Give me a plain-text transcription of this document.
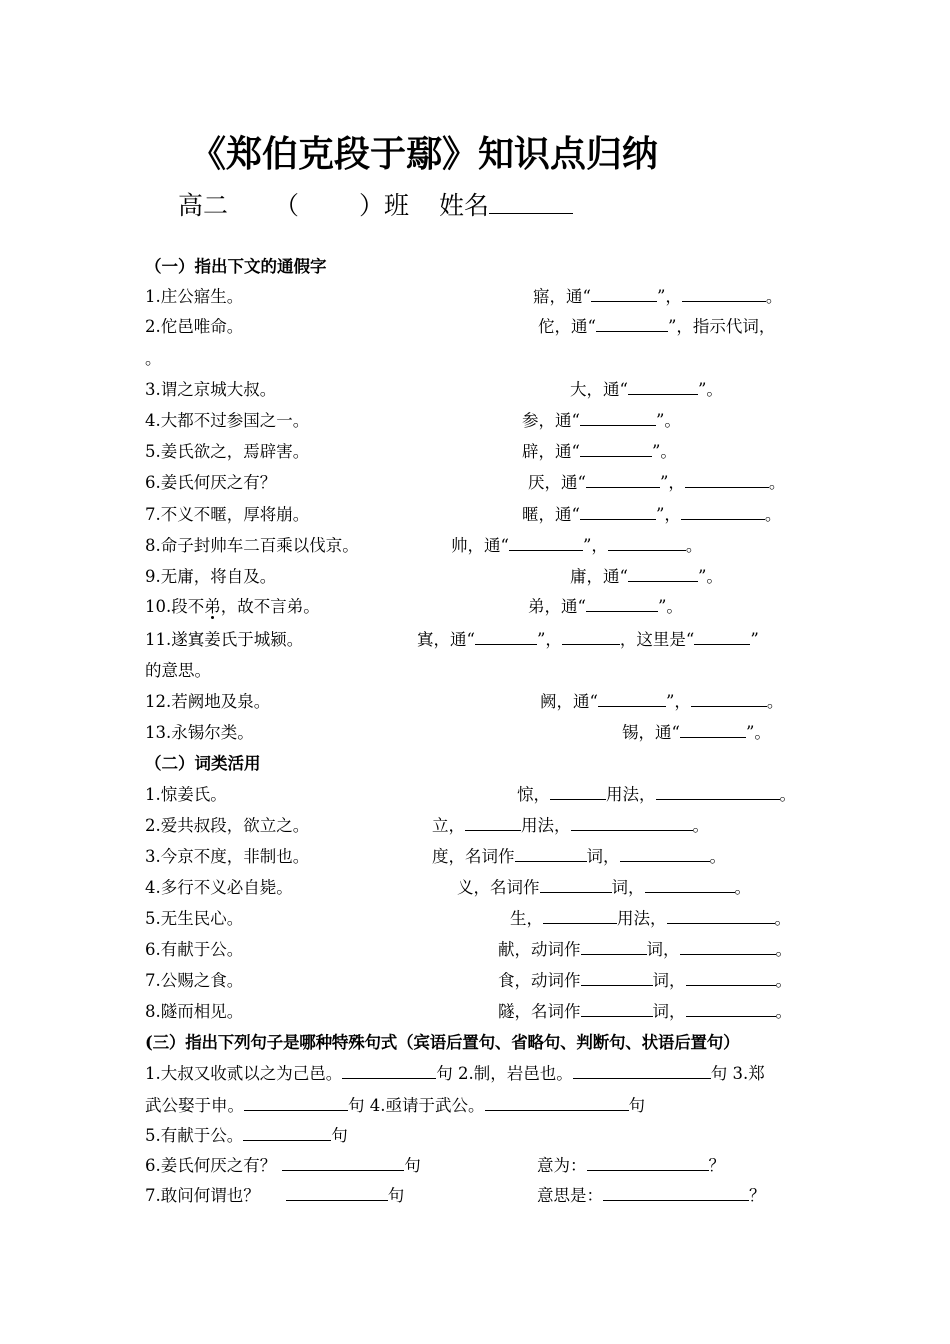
《郑伯克段于鄢》知识点归纳
高二 （ ）班 姓名
（一）指出下文的通假字
1.庄公寤生。	寤，通“	”，	。
2.佗邑唯命。	佗，通“	”，指示代词，
。
3.谓之京城大叔。	大，通“	”。
4.大都不过参国之一。	参，通“	”。
5.姜氏欲之，焉辟害。	辟，通“	”。
6.姜氏何厌之有？	厌，通“	”，	。
7.不义不暱，厚将崩。	暱，通“	”，	。
8.命子封帅车二百乘以伐京。	帅，通“	”，	。
9.无庸，将自及。	庸，通“	”。
10.段不弟，故不言弟。	弟，通“	”。
11.遂寘姜氏于城颍。	寘，通“	”，	，这里是“	”
的意思。
12.若阙地及泉。	阙，通“	”，	。
13.永锡尔类。	锡，通“	”。
（二）词类活用
1.惊姜氏。	惊，	用法，	。
2.爱共叔段，欲立之。	立，	用法，	。
3.今京不度，非制也。	度，名词作	词，	。
4.多行不义必自毙。	义，名词作	词，	。
5.无生民心。	生，	用法，	。
6.有献于公。	献，动词作	词，	。
7.公赐之食。	食，动词作	词，	。
8.隧而相见。	隧，名词作	词，	。
(三）指出下列句子是哪种特殊句式（宾语后置句、省略句、判断句、状语后置句）
1.大叔又收贰以之为己邑。	句 2.制，岩邑也。	句 3.郑
武公娶于申。	句 4.亟请于武公。	句
5.有献于公。	句
6.姜氏何厌之有？	句	意为：	？
7.敢问何谓也？	句	意思是：	？
